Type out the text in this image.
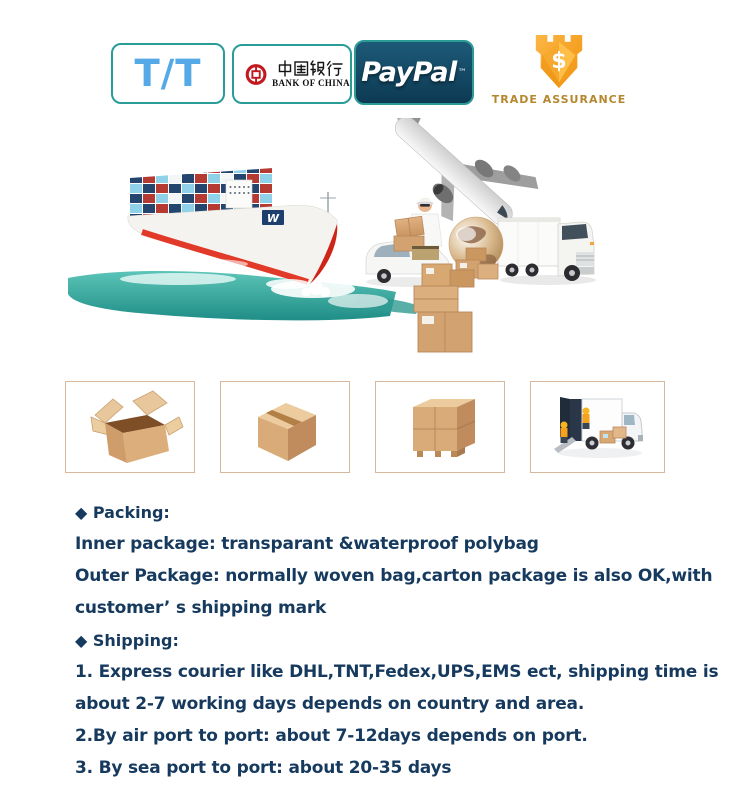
T/T	BANK OF CHINA PayPal ™	$
TRADE ASSURANCE
W
◆ Packing:
Inner package: transparant &waterproof polybag
Outer Package: normally woven bag,carton package is also OK,with
customer’ s shipping mark
◆ Shipping:
1. Express courier like DHL,TNT,Fedex,UPS,EMS ect, shipping time is
about 2-7 working days depends on country and area.
2.By air port to port: about 7-12days depends on port.
3. By sea port to port: about 20-35 days
